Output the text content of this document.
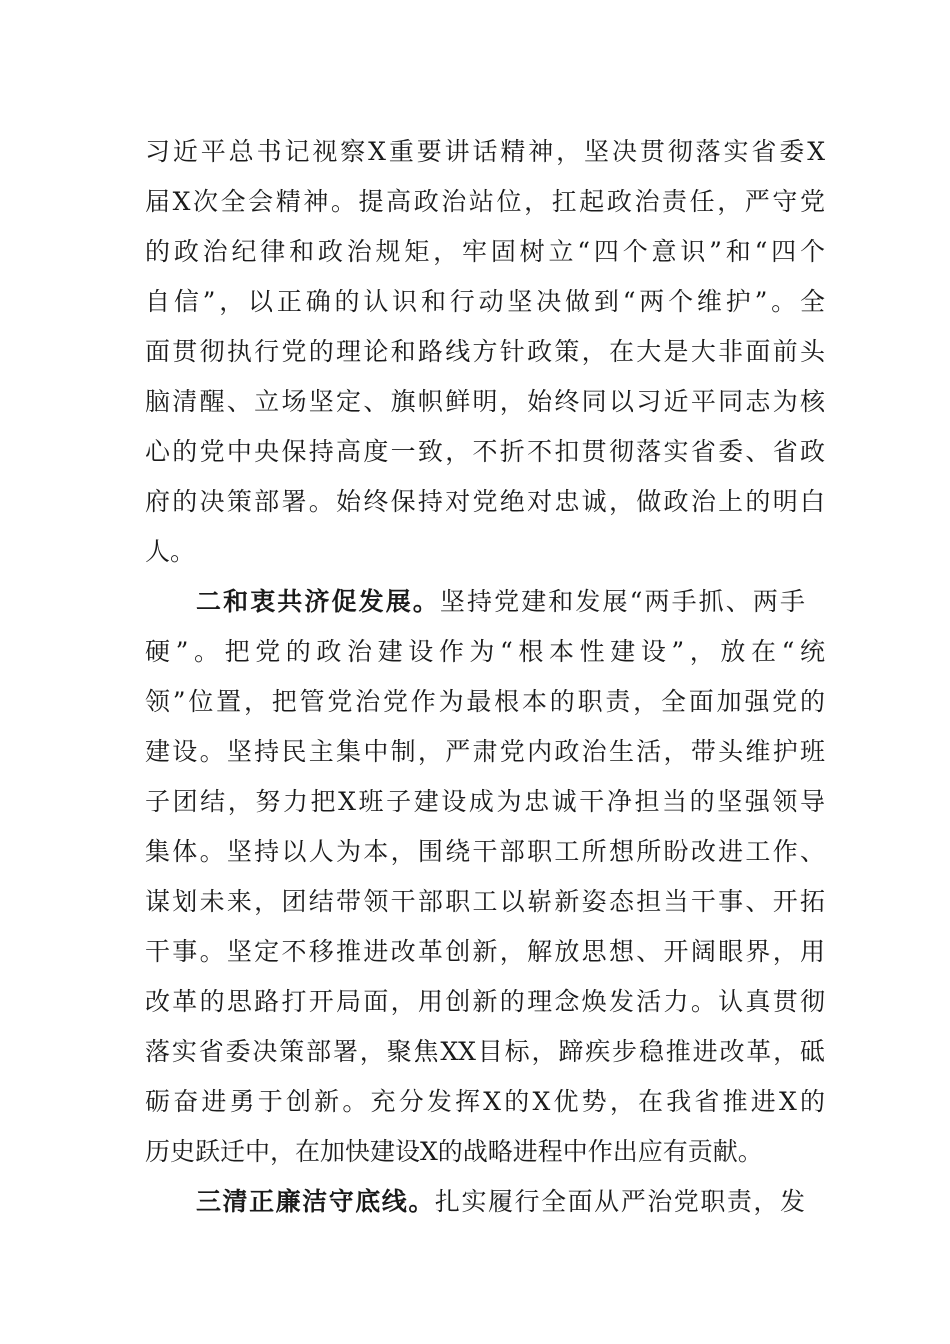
习近平总书记视察X重要讲话精神，坚决贯彻落实省委X
届X次全会精神。提高政治站位，扛起政治责任，严守党
的政治纪律和政治规矩，牢固树立“四个意识”和“四个
自信”，以正确的认识和行动坚决做到“两个维护”。全
面贯彻执行党的理论和路线方针政策，在大是大非面前头
脑清醒、立场坚定、旗帜鲜明，始终同以习近平同志为核
心的党中央保持高度一致，不折不扣贯彻落实省委、省政
府的决策部署。始终保持对党绝对忠诚，做政治上的明白
人。
二和衷共济促发展。坚持党建和发展“两手抓、两手
硬”。把党的政治建设作为“根本性建设”，放在“统
领”位置，把管党治党作为最根本的职责，全面加强党的
建设。坚持民主集中制，严肃党内政治生活，带头维护班
子团结，努力把X班子建设成为忠诚干净担当的坚强领导
集体。坚持以人为本，围绕干部职工所想所盼改进工作、
谋划未来，团结带领干部职工以崭新姿态担当干事、开拓
干事。坚定不移推进改革创新，解放思想、开阔眼界，用
改革的思路打开局面，用创新的理念焕发活力。认真贯彻
落实省委决策部署，聚焦XX目标，蹄疾步稳推进改革，砥
砺奋进勇于创新。充分发挥X的X优势，在我省推进X的
历史跃迁中，在加快建设X的战略进程中作出应有贡献。
三清正廉洁守底线。扎实履行全面从严治党职责，发
